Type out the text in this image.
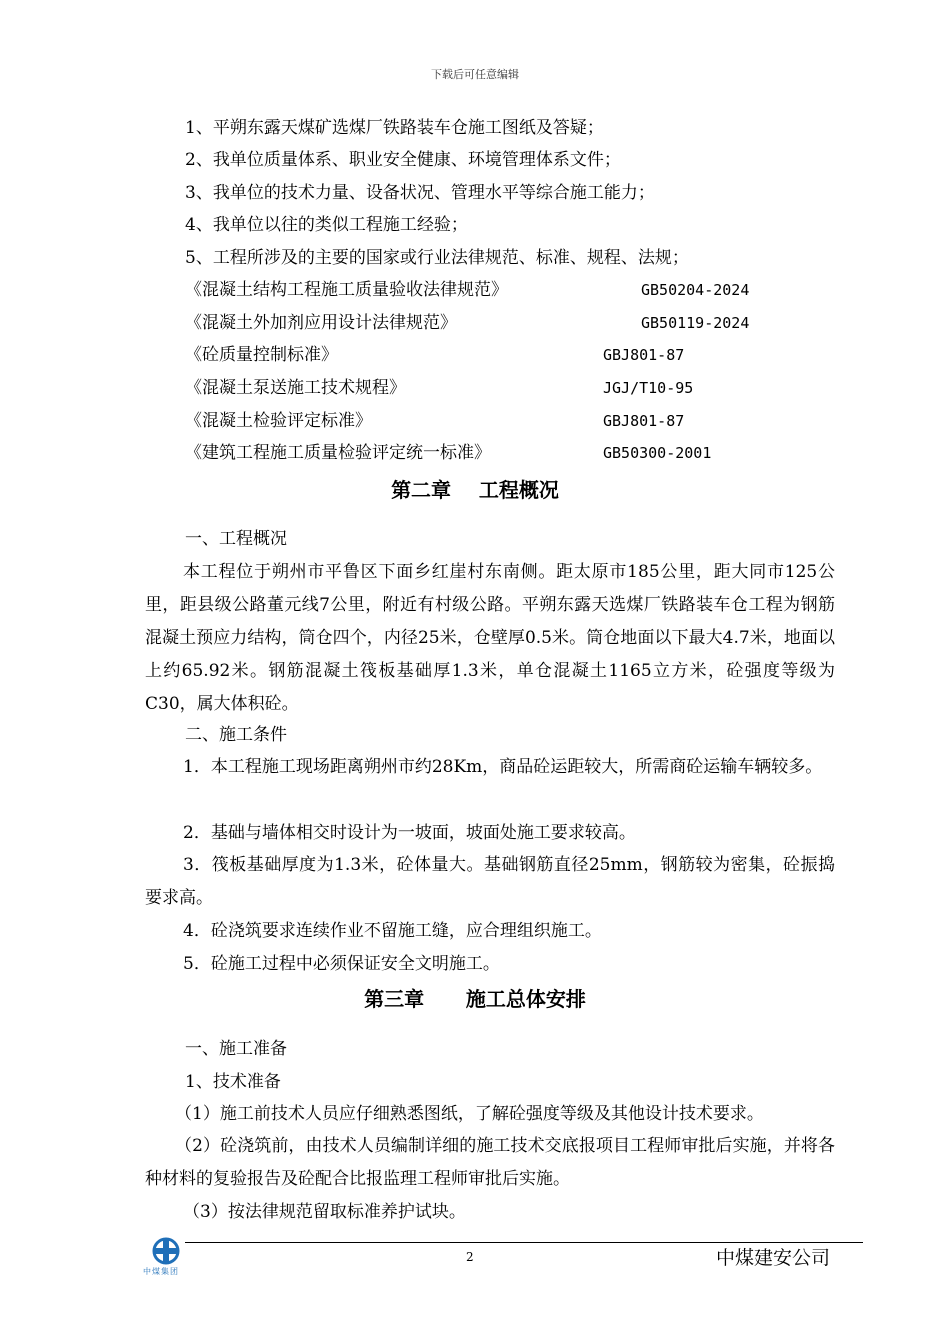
下载后可任意编辑
1、平朔东露天煤矿选煤厂铁路装车仓施工图纸及答疑；
2、我单位质量体系、职业安全健康、环境管理体系文件；
3、我单位的技术力量、设备状况、管理水平等综合施工能力；
4、我单位以往的类似工程施工经验；
5、工程所涉及的主要的国家或行业法律规范、标准、规程、法规；
《混凝土结构工程施工质量验收法律规范》	GB50204-2024
《混凝土外加剂应用设计法律规范》	GB50119-2024
《砼质量控制标准》	GBJ801-87
《混凝土泵送施工技术规程》	JGJ/T10-95
《混凝土检验评定标准》	GBJ801-87
《建筑工程施工质量检验评定统一标准》	GB50300-2001
第二章    工程概况
一、工程概况

本工程位于朔州市平鲁区下面乡红崖村东南侧。距太原市185公里，距大同市125公里，距县级公路董元线7公里，附近有村级公路。平朔东露天选煤厂铁路装车仓工程为钢筋混凝土预应力结构，筒仓四个，内径25米，仓壁厚0.5米。筒仓地面以下最大4.7米，地面以上约65.92米。钢筋混凝土筏板基础厚1.3米，单仓混凝土1165立方米，砼强度等级为C30，属大体积砼。

二、施工条件

1．本工程施工现场距离朔州市约28Km，商品砼运距较大，所需商砼运输车辆较多。

2．基础与墙体相交时设计为一坡面，坡面处施工要求较高。

3．筏板基础厚度为1.3米，砼体量大。基础钢筋直径25mm，钢筋较为密集，砼振捣要求高。

4．砼浇筑要求连续作业不留施工缝，应合理组织施工。

5．砼施工过程中必须保证安全文明施工。

第三章      施工总体安排
一、施工准备
1、技术准备

（1）施工前技术人员应仔细熟悉图纸，了解砼强度等级及其他设计技术要求。

（2）砼浇筑前，由技术人员编制详细的施工技术交底报项目工程师审批后实施，并将各种材料的复验报告及砼配合比报监理工程师审批后实施。

（3）按法律规范留取标准养护试块。

中煤集团
2	中煤建安公司
